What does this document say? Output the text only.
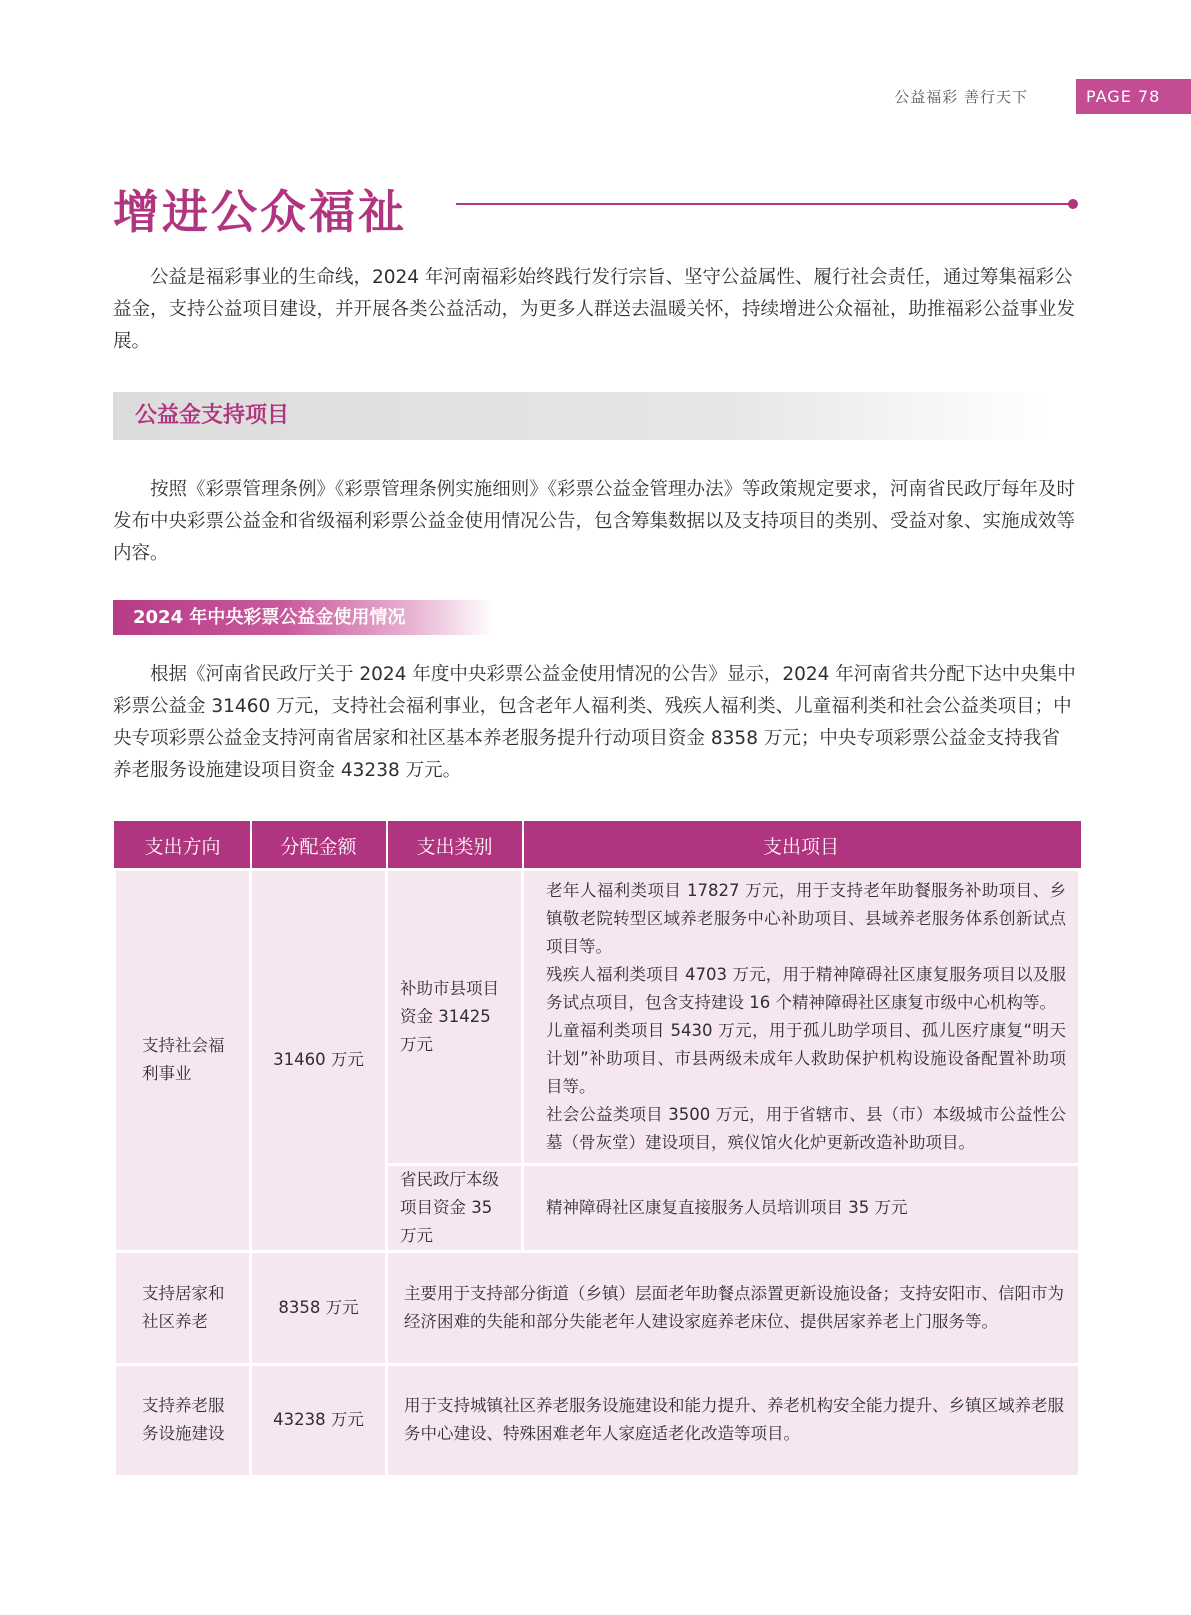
公益福彩 善行天下	PAGE 78
增进公众福祉

公益是福彩事业的生命线，2024 年河南福彩始终践行发行宗旨、坚守公益属性、履行社会责任，通过筹集福彩公益金，支持公益项目建设，并开展各类公益活动，为更多人群送去温暖关怀，持续增进公众福祉，助推福彩公益事业发展。

公益金支持项目

按照《彩票管理条例》《彩票管理条例实施细则》《彩票公益金管理办法》等政策规定要求，河南省民政厅每年及时发布中央彩票公益金和省级福利彩票公益金使用情况公告，包含筹集数据以及支持项目的类别、受益对象、实施成效等内容。

2024 年中央彩票公益金使用情况

根据《河南省民政厅关于 2024 年度中央彩票公益金使用情况的公告》显示，2024 年河南省共分配下达中央集中彩票公益金 31460 万元，支持社会福利事业，包含老年人福利类、残疾人福利类、儿童福利类和社会公益类项目；中央专项彩票公益金支持河南省居家和社区基本养老服务提升行动项目资金 8358 万元；中央专项彩票公益金支持我省养老服务设施建设项目资金 43238 万元。

支出方向	分配金额	支出类别	支出项目
支持社会福利事业	31460 万元	补助市县项目资金 31425 万元	老年人福利类项目 17827 万元，用于支持老年助餐服务补助项目、乡镇敬老院转型区域养老服务中心补助项目、县域养老服务体系创新试点项目等。
残疾人福利类项目 4703 万元，用于精神障碍社区康复服务项目以及服务试点项目，包含支持建设 16 个精神障碍社区康复市级中心机构等。
儿童福利类项目 5430 万元，用于孤儿助学项目、孤儿医疗康复“明天计划”补助项目、市县两级未成年人救助保护机构设施设备配置补助项目等。
社会公益类项目 3500 万元，用于省辖市、县（市）本级城市公益性公墓（骨灰堂）建设项目，殡仪馆火化炉更新改造补助项目。

		省民政厅本级项目资金 35 万元	精神障碍社区康复直接服务人员培训项目 35 万元
支持居家和社区养老	8358 万元	主要用于支持部分街道（乡镇）层面老年助餐点添置更新设施设备；支持安阳市、信阳市为经济困难的失能和部分失能老年人建设家庭养老床位、提供居家养老上门服务等。	
支持养老服务设施建设	43238 万元	用于支持城镇社区养老服务设施建设和能力提升、养老机构安全能力提升、乡镇区域养老服务中心建设、特殊困难老年人家庭适老化改造等项目。	
